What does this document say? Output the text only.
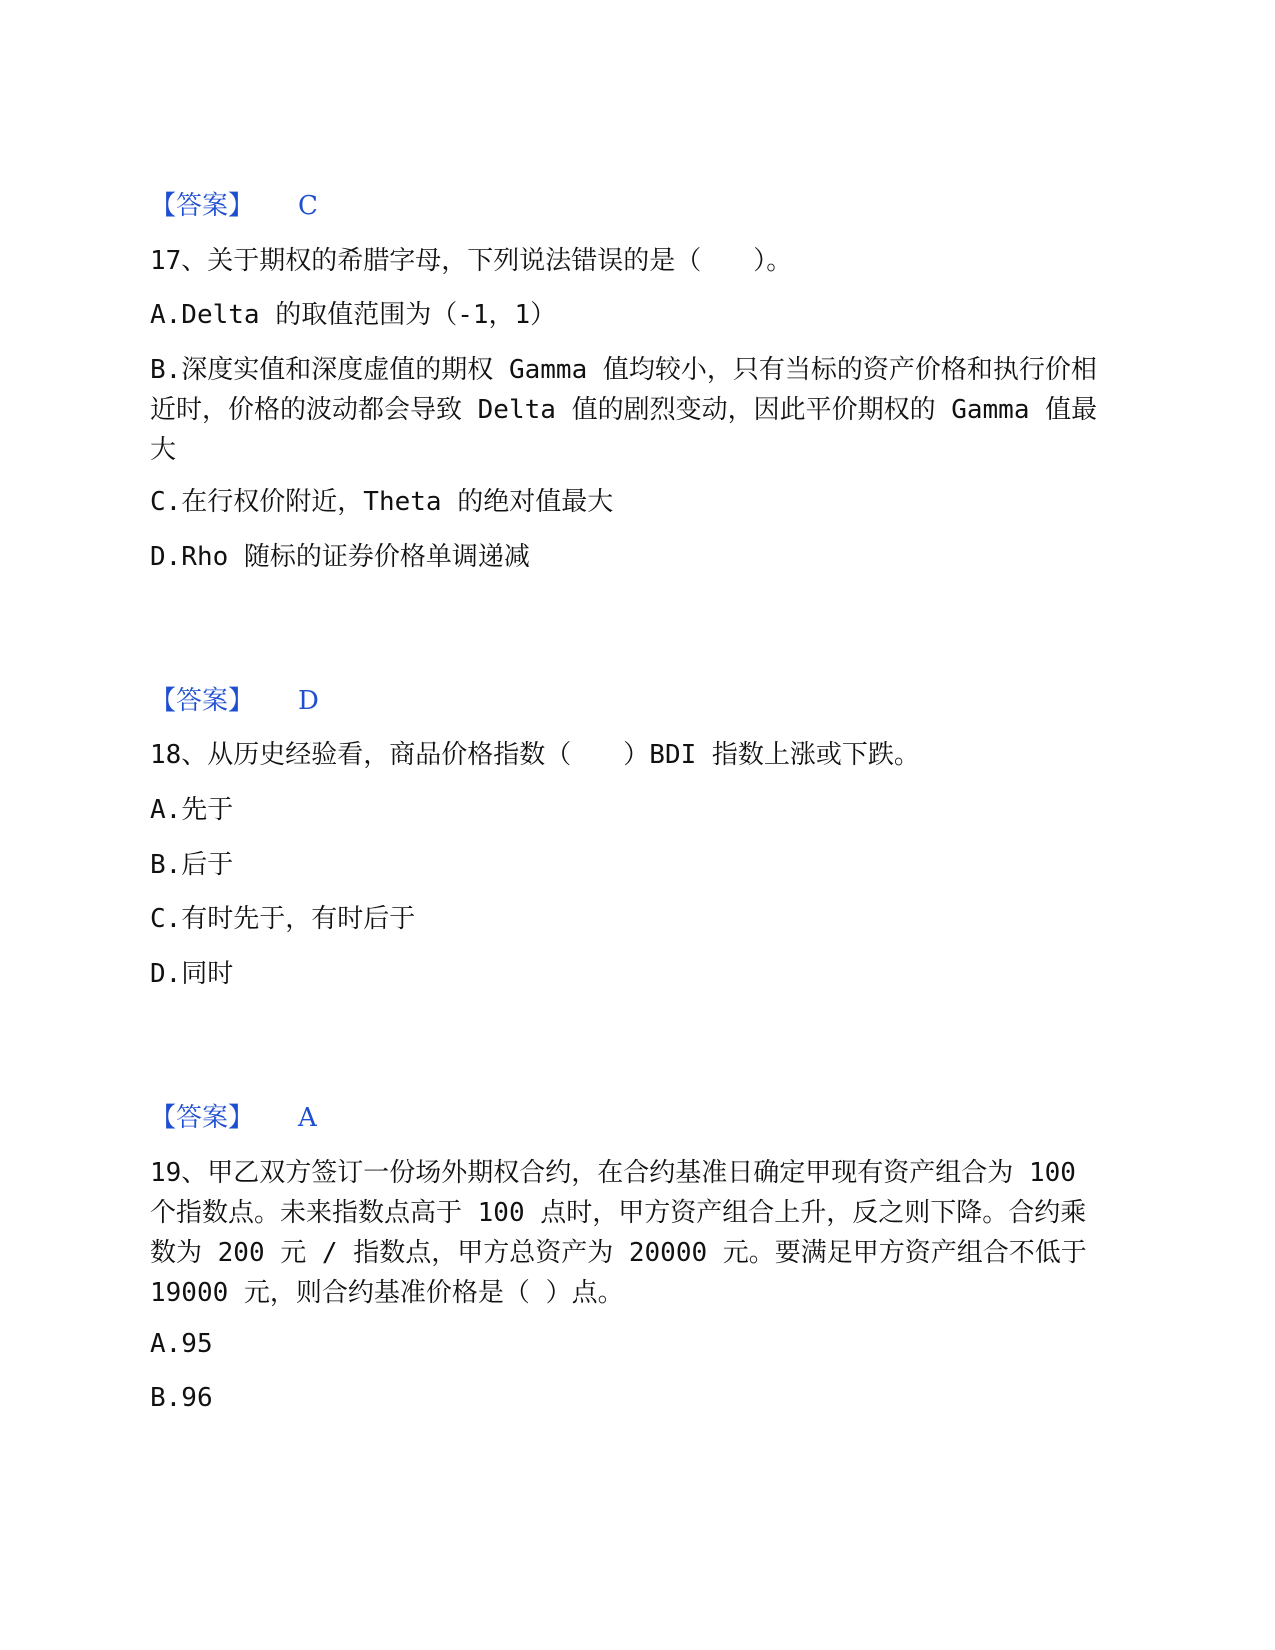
【答案】 C
17、关于期权的希腊字母，下列说法错误的是（　　）。
A.Delta 的取值范围为（-1，1）
B.深度实值和深度虚值的期权 Gamma 值均较小，只有当标的资产价格和执行价相近时，价格的波动都会导致 Delta 值的剧烈变动，因此平价期权的 Gamma 值最大
C.在行权价附近，Theta 的绝对值最大
D.Rho 随标的证券价格单调递减
【答案】 D
18、从历史经验看，商品价格指数（　　）BDI 指数上涨或下跌。
A.先于
B.后于
C.有时先于，有时后于
D.同时
【答案】 A
19、甲乙双方签订一份场外期权合约，在合约基准日确定甲现有资产组合为 100 个指数点。未来指数点高于 100 点时，甲方资产组合上升，反之则下降。合约乘数为 200 元 / 指数点，甲方总资产为 20000 元。要满足甲方资产组合不低于 19000 元，则合约基准价格是（ ）点。
A.95
B.96
